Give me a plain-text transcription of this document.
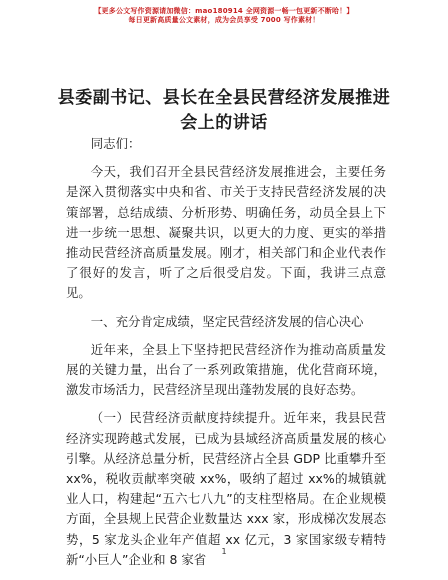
【更多公文写作资源请加微信：mao180914 全网资源一畅一包更新不断哈！】
每日更新高质量公文素材，成为会员享受 7000 写作素材！
县委副书记、县长在全县民营经济发展推进会上的讲话

同志们：

今天，我们召开全县民营经济发展推进会，主要任务是深入贯彻落实中央和省、市关于支持民营经济发展的决策部署，总结成绩、分析形势、明确任务，动员全县上下进一步统一思想、凝聚共识，以更大的力度、更实的举措推动民营经济高质量发展。刚才，相关部门和企业代表作了很好的发言，听了之后很受启发。下面，我讲三点意见。

一、充分肯定成绩，坚定民营经济发展的信心决心

近年来，全县上下坚持把民营经济作为推动高质量发展的关键力量，出台了一系列政策措施，优化营商环境，激发市场活力，民营经济呈现出蓬勃发展的良好态势。

（一）民营经济贡献度持续提升。近年来，我县民营经济实现跨越式发展，已成为县域经济高质量发展的核心引擎。从经济总量分析，民营经济占全县 GDP 比重攀升至 xx%，税收贡献率突破 xx%，吸纳了超过 xx%的城镇就业人口，构建起“五六七八九”的支柱型格局。在企业规模方面，全县规上民营企业数量达 xxx 家，形成梯次发展态势，5 家龙头企业年产值超 xx 亿元，3 家国家级专精特新“小巨人”企业和 8 家省

1
